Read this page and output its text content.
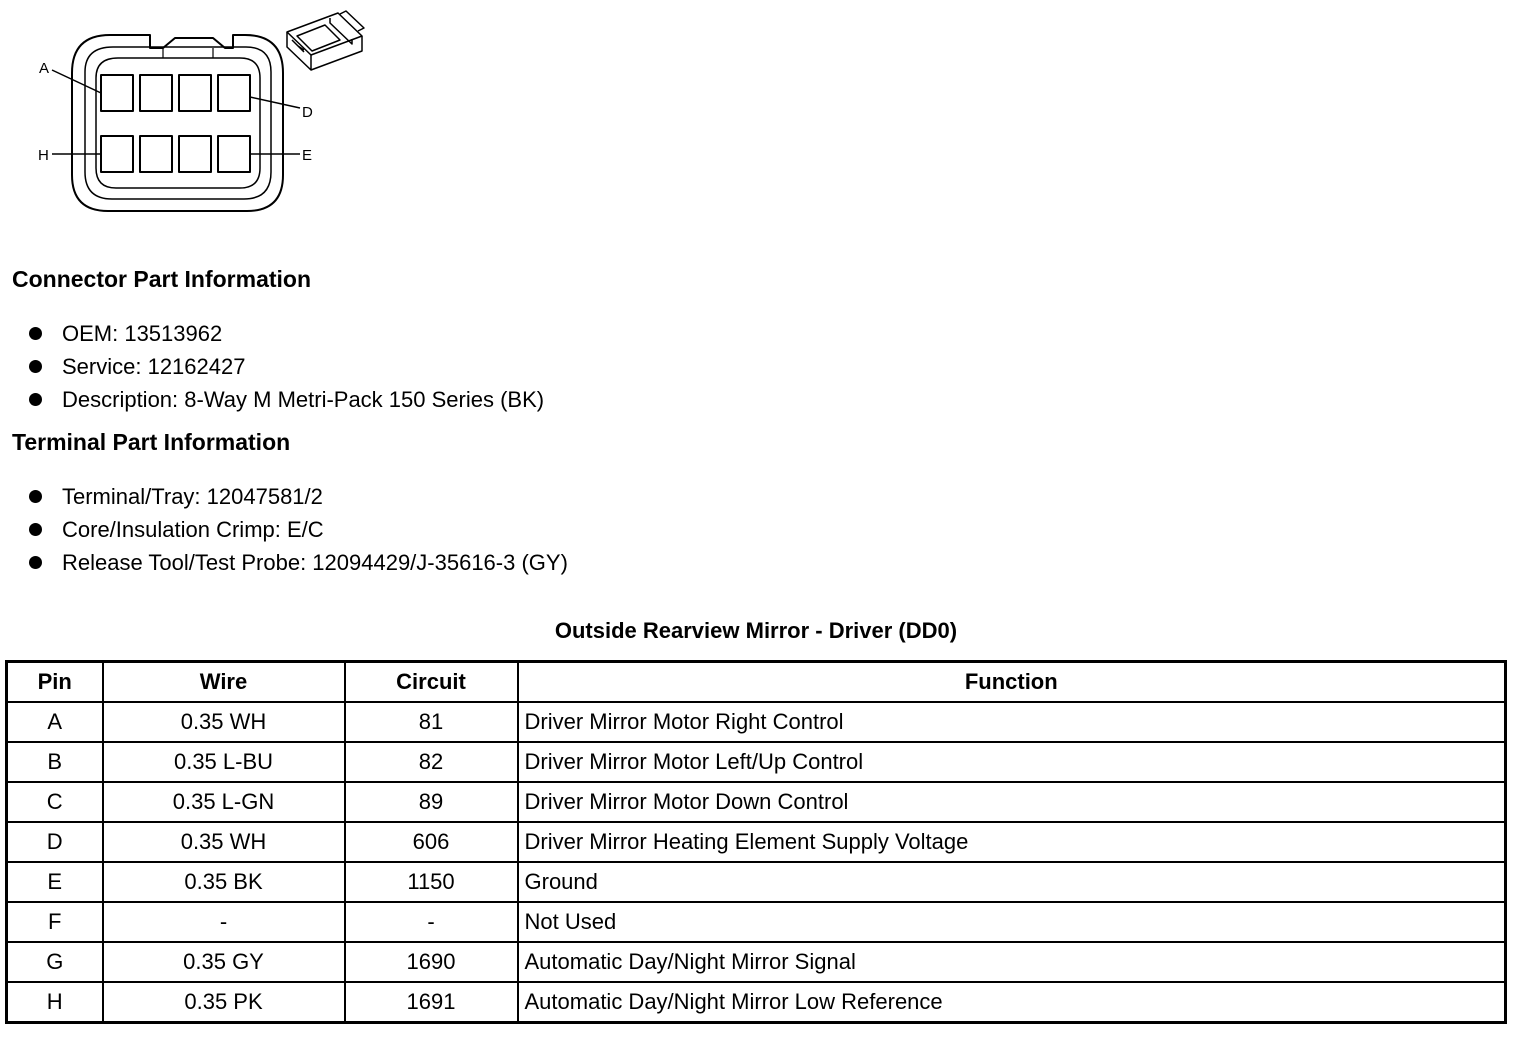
A
D
H	E
Connector Part Information
OEM: 13513962
Service: 12162427
Description: 8-Way M Metri-Pack 150 Series (BK)
Terminal Part Information
Terminal/Tray: 12047581/2
Core/Insulation Crimp: E/C
Release Tool/Test Probe: 12094429/J-35616-3 (GY)
Outside Rearview Mirror - Driver (DD0)
Pin	Wire	Circuit	Function
A	0.35 WH	81	Driver Mirror Motor Right Control
B	0.35 L-BU	82	Driver Mirror Motor Left/Up Control
C	0.35 L-GN	89	Driver Mirror Motor Down Control
D	0.35 WH	606	Driver Mirror Heating Element Supply Voltage
E	0.35 BK	1150	Ground
F	-	-	Not Used
G	0.35 GY	1690	Automatic Day/Night Mirror Signal
H	0.35 PK	1691	Automatic Day/Night Mirror Low Reference
